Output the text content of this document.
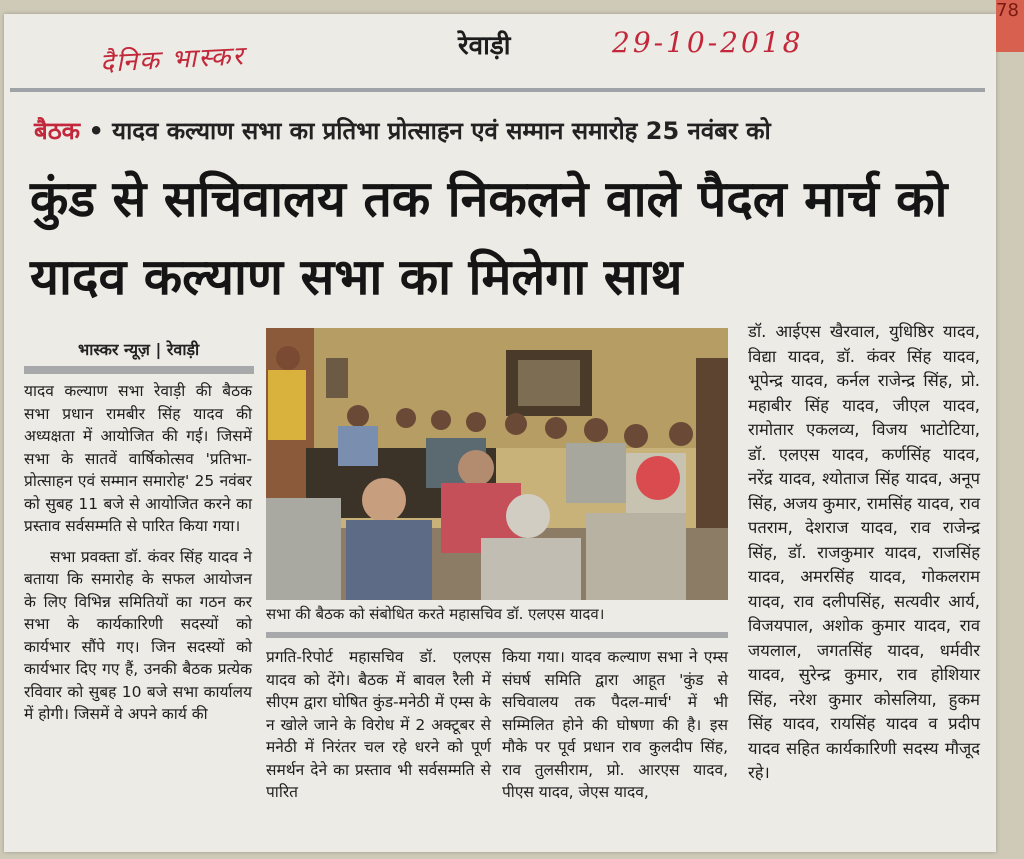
78
दैनिक भास्कर	रेवाड़ी	29-10-2018
बैठक • यादव कल्याण सभा का प्रतिभा प्रोत्साहन एवं सम्मान समारोह 25 नवंबर को
कुंड से सचिवालय तक निकलने वाले पैदल मार्च को यादव कल्याण सभा का मिलेगा साथ
भास्कर न्यूज़ | रेवाड़ी

यादव कल्याण सभा रेवाड़ी की बैठक सभा प्रधान रामबीर सिंह यादव की अध्यक्षता में आयोजित की गई। जिसमें सभा के सातवें वार्षिकोत्सव 'प्रतिभा-प्रोत्साहन एवं सम्मान समारोह' 25 नवंबर को सुबह 11 बजे से आयोजित करने का प्रस्ताव सर्वसम्मति से पारित किया गया।

सभा प्रवक्ता डॉ. कंवर सिंह यादव ने बताया कि समारोह के सफल आयोजन के लिए विभिन्न समितियों का गठन कर सभा के कार्यकारिणी सदस्यों को कार्यभार सौंपे गए। जिन सदस्यों को कार्यभार दिए गए हैं, उनकी बैठक प्रत्येक रविवार को सुबह 10 बजे सभा कार्यालय में होगी। जिसमें वे अपने कार्य की

सभा की बैठक को संबोधित करते महासचिव डॉ. एलएस यादव।

प्रगति-रिपोर्ट महासचिव डॉ. एलएस यादव को देंगे। बैठक में बावल रैली में सीएम द्वारा घोषित कुंड-मनेठी में एम्स के न खोले जाने के विरोध में 2 अक्टूबर से मनेठी में निरंतर चल रहे धरने को पूर्ण समर्थन देने का प्रस्ताव भी सर्वसम्मति से पारित

किया गया। यादव कल्याण सभा ने एम्स संघर्ष समिति द्वारा आहूत 'कुंड से सचिवालय तक पैदल-मार्च' में भी सम्मिलित होने की घोषणा की है। इस मौके पर पूर्व प्रधान राव कुलदीप सिंह, राव तुलसीराम, प्रो. आरएस यादव, पीएस यादव, जेएस यादव,

डॉ. आईएस खैरवाल, युधिष्ठिर यादव, विद्या यादव, डॉ. कंवर सिंह यादव, भूपेन्द्र यादव, कर्नल राजेन्द्र सिंह, प्रो. महाबीर सिंह यादव, जीएल यादव, रामोतार एकलव्य, विजय भाटोटिया, डॉ. एलएस यादव, कर्णसिंह यादव, नरेंद्र यादव, श्योताज सिंह यादव, अनूप सिंह, अजय कुमार, रामसिंह यादव, राव पतराम, देशराज यादव, राव राजेन्द्र सिंह, डॉ. राजकुमार यादव, राजसिंह यादव, अमरसिंह यादव, गोकलराम यादव, राव दलीपसिंह, सत्यवीर आर्य, विजयपाल, अशोक कुमार यादव, राव जयलाल, जगतसिंह यादव, धर्मवीर यादव, सुरेन्द्र कुमार, राव होशियार सिंह, नरेश कुमार कोसलिया, हुकम सिंह यादव, रायसिंह यादव व प्रदीप यादव सहित कार्यकारिणी सदस्य मौजूद रहे।
